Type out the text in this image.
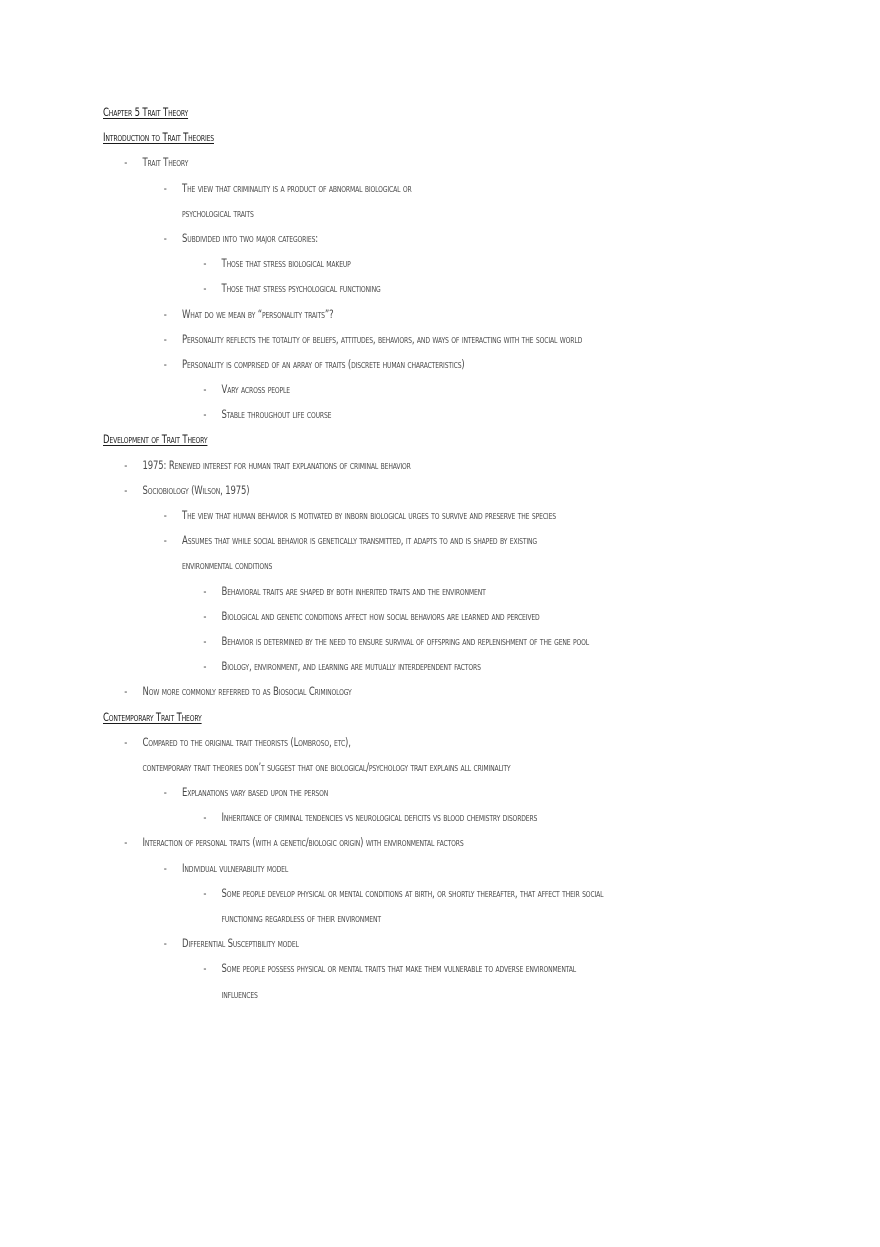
Chapter 5 Trait Theory
Introduction to Trait Theories
- Trait Theory
- The view that criminality is a product of abnormal biological or
psychological traits
- Subdivided into two major categories:
- Those that stress biological makeup
- Those that stress psychological functioning
- What do we mean by “personality traits”?
- Personality reflects the totality of beliefs, attitudes, behaviors, and ways of interacting with the social world
- Personality is comprised of an array of traits (discrete human characteristics)
- Vary across people
- Stable throughout life course
Development of Trait Theory
- 1975: Renewed interest for human trait explanations of criminal behavior
- Sociobiology (Wilson, 1975)
- The view that human behavior is motivated by inborn biological urges to survive and preserve the species
- Assumes that while social behavior is genetically transmitted, it adapts to and is shaped by existing
environmental conditions
- Behavioral traits are shaped by both inherited traits and the environment
- Biological and genetic conditions affect how social behaviors are learned and perceived
- Behavior is determined by the need to ensure survival of offspring and replenishment of the gene pool
- Biology, environment, and learning are mutually interdependent factors
- Now more commonly referred to as Biosocial Criminology
Contemporary Trait Theory
- Compared to the original trait theorists (Lombroso, etc),
contemporary trait theories don’t suggest that one biological/psychology trait explains all criminality
- Explanations vary based upon the person
- Inheritance of criminal tendencies vs neurological deficits vs blood chemistry disorders
- Interaction of personal traits (with a genetic/biologic origin) with environmental factors
- Individual vulnerability model
- Some people develop physical or mental conditions at birth, or shortly thereafter, that affect their social
functioning regardless of their environment
- Differential Susceptibility model
- Some people possess physical or mental traits that make them vulnerable to adverse environmental
influences
